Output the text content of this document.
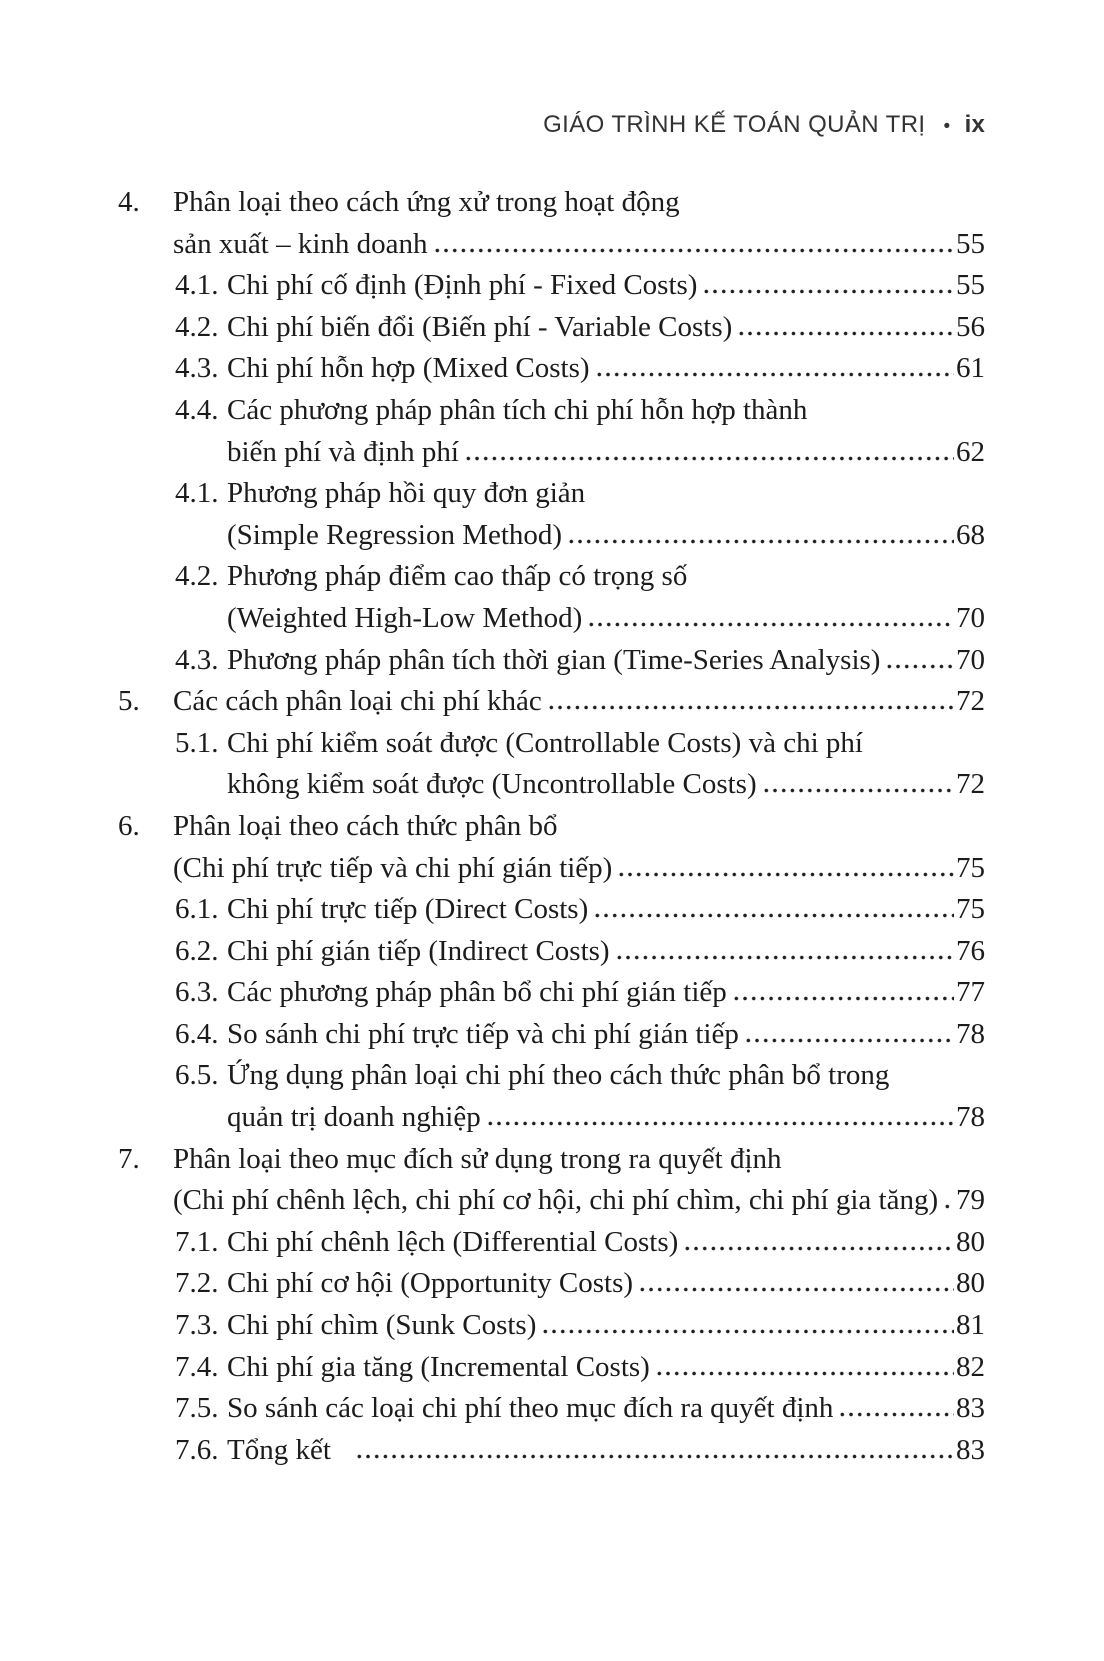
GIÁO TRÌNH KẾ TOÁN QUẢN TRỊ • ix
4.	Phân loại theo cách ứng xử trong hoạt động
sản xuất – kinh doanh	55
4.1. Chi phí cố định (Định phí - Fixed Costs)	55
4.2. Chi phí biến đổi (Biến phí - Variable Costs)	56
4.3. Chi phí hỗn hợp (Mixed Costs)	61
4.4. Các phương pháp phân tích chi phí hỗn hợp thành
biến phí và định phí	62
4.1. Phương pháp hồi quy đơn giản
(Simple Regression Method)	68
4.2. Phương pháp điểm cao thấp có trọng số
(Weighted High-Low Method)	70
4.3. Phương pháp phân tích thời gian (Time-Series Analysis)	70
5.	Các cách phân loại chi phí khác	72
5.1. Chi phí kiểm soát được (Controllable Costs) và chi phí
không kiểm soát được (Uncontrollable Costs)	72
6.	Phân loại theo cách thức phân bổ
(Chi phí trực tiếp và chi phí gián tiếp)	75
6.1. Chi phí trực tiếp (Direct Costs)	75
6.2. Chi phí gián tiếp (Indirect Costs)	76
6.3. Các phương pháp phân bổ chi phí gián tiếp	77
6.4. So sánh chi phí trực tiếp và chi phí gián tiếp	78
6.5. Ứng dụng phân loại chi phí theo cách thức phân bổ trong
quản trị doanh nghiệp	78
7.	Phân loại theo mục đích sử dụng trong ra quyết định
(Chi phí chênh lệch, chi phí cơ hội, chi phí chìm, chi phí gia tăng) 79
7.1. Chi phí chênh lệch (Differential Costs)	80
7.2. Chi phí cơ hội (Opportunity Costs)	80
7.3. Chi phí chìm (Sunk Costs)	81
7.4. Chi phí gia tăng (Incremental Costs)	82
7.5. So sánh các loại chi phí theo mục đích ra quyết định	83
7.6. Tổng kết	83
